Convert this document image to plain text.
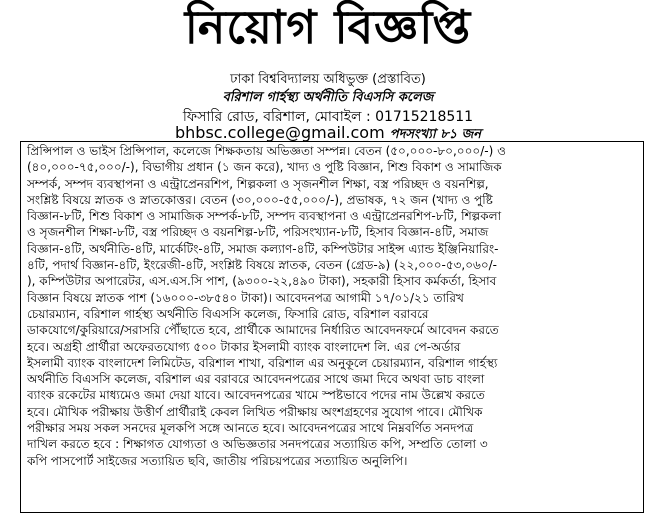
নিয়োগ বিজ্ঞপ্তি
ঢাকা বিশ্ববিদ্যালয় অধিভুক্ত (প্রস্তাবিত)
বরিশাল গার্হস্থ্য অর্থনীতি বিএসসি কলেজ
ফিসারি রোড, বরিশাল, মোবাইল : 01715218511
bhbsc.college@gmail.com পদসংখ্যা ৮১ জন
প্রিন্সিপাল ও ভাইস প্রিন্সিপাল, কলেজে শিক্ষকতায় অভিজ্ঞতা সম্পন্ন। বেতন (৫০,০০০-৮০,০০০/-) ও
(৪০,০০০-৭৫,০০০/-), বিভাগীয় প্রধান (১ জন করে), খাদ্য ও পুষ্টি বিজ্ঞান, শিশু বিকাশ ও সামাজিক
সম্পর্ক, সম্পদ ব্যবস্থাপনা ও এন্ট্রাপ্রেনরশিপ, শিল্পকলা ও সৃজনশীল শিক্ষা, বস্ত্র পরিচ্ছদ ও বয়নশিল্প,
সংশ্লিষ্ট বিষয়ে স্নাতক ও স্নাতকোত্তর। বেতন (৩০,০০০-৫৫,০০০/-), প্রভাষক, ৭২ জন (খাদ্য ও পুষ্টি
বিজ্ঞান-৮টি, শিশু বিকাশ ও সামাজিক সম্পর্ক-৮টি, সম্পদ ব্যবস্থাপনা ও এন্ট্রাপ্রেনরশিপ-৮টি, শিল্পকলা
ও সৃজনশীল শিক্ষা-৮টি, বস্ত্র পরিচ্ছদ ও বয়নশিল্প-৮টি, পরিসংখ্যান-৮টি, হিসাব বিজ্ঞান-৪টি, সমাজ
বিজ্ঞান-৪টি, অর্থনীতি-৪টি, মার্কেটিং-৪টি, সমাজ কল্যাণ-৪টি, কম্পিউটার সাইন্স এ্যান্ড ইঞ্জিনিয়ারিং-
৪টি, পদার্থ বিজ্ঞান-৪টি, ইংরেজী-৪টি, সংশ্লিষ্ট বিষয়ে স্নাতক, বেতন (গ্রেড-৯) (২২,০০০-৫৩,০৬০/-
), কম্পিউটার অপারেটর, এস.এস.সি পাশ, (৯৩০০-২২,৪৯০ টাকা), সহকারী হিসাব কর্মকর্তা, হিসাব
বিজ্ঞান বিষয়ে স্নাতক পাশ (১৬০০০-৩৮৫৪০ টাকা)। আবেদনপত্র আগামী ১৭/০১/২১ তারিখ
চেয়ারম্যান, বরিশাল গার্হস্থ্য অর্থনীতি বিএসসি কলেজ, ফিসারি রোড, বরিশাল বরাবরে
ডাকযোগে/কুরিয়ারে/সরাসরি পৌঁছাতে হবে, প্রার্থীকে আমাদের নির্ধারিত আবেদনফর্মে আবেদন করতে
হবে। অগ্রহী প্রার্থীরা অফেরতযোগ্য ৫০০ টাকার ইসলামী ব্যাংক বাংলাদেশ লি. এর পে-অর্ডার
ইসলামী ব্যাংক বাংলাদেশ লিমিটেড, বরিশাল শাখা, বরিশাল এর অনুকূলে চেয়ারম্যান, বরিশাল গার্হস্থ্য
অর্থনীতি বিএসসি কলেজ, বরিশাল এর বরাবরে আবেদনপত্রের সাথে জমা দিবে অথবা ডাচ বাংলা
ব্যাংক রকেটের মাধ্যমেও জমা দেয়া যাবে। আবেদনপত্রের খামে স্পষ্টভাবে পদের নাম উল্লেখ করতে
হবে। মৌখিক পরীক্ষায় উত্তীর্ণ প্রার্থীরাই কেবল লিখিত পরীক্ষায় অংশগ্রহণের সুযোগ পাবে। মৌখিক
পরীক্ষার সময় সকল সনদের মূলকপি সঙ্গে আনতে হবে। আবেদনপত্রের সাথে নিম্নবর্ণিত সনদপত্র
দাখিল করতে হবে : শিক্ষাগত যোগ্যতা ও অভিজ্ঞতার সনদপত্রের সত্যায়িত কপি, সম্প্রতি তোলা ৩
কপি পাসপোর্ট সাইজের সত্যায়িত ছবি, জাতীয় পরিচয়পত্রের সত্যায়িত অনুলিপি।
